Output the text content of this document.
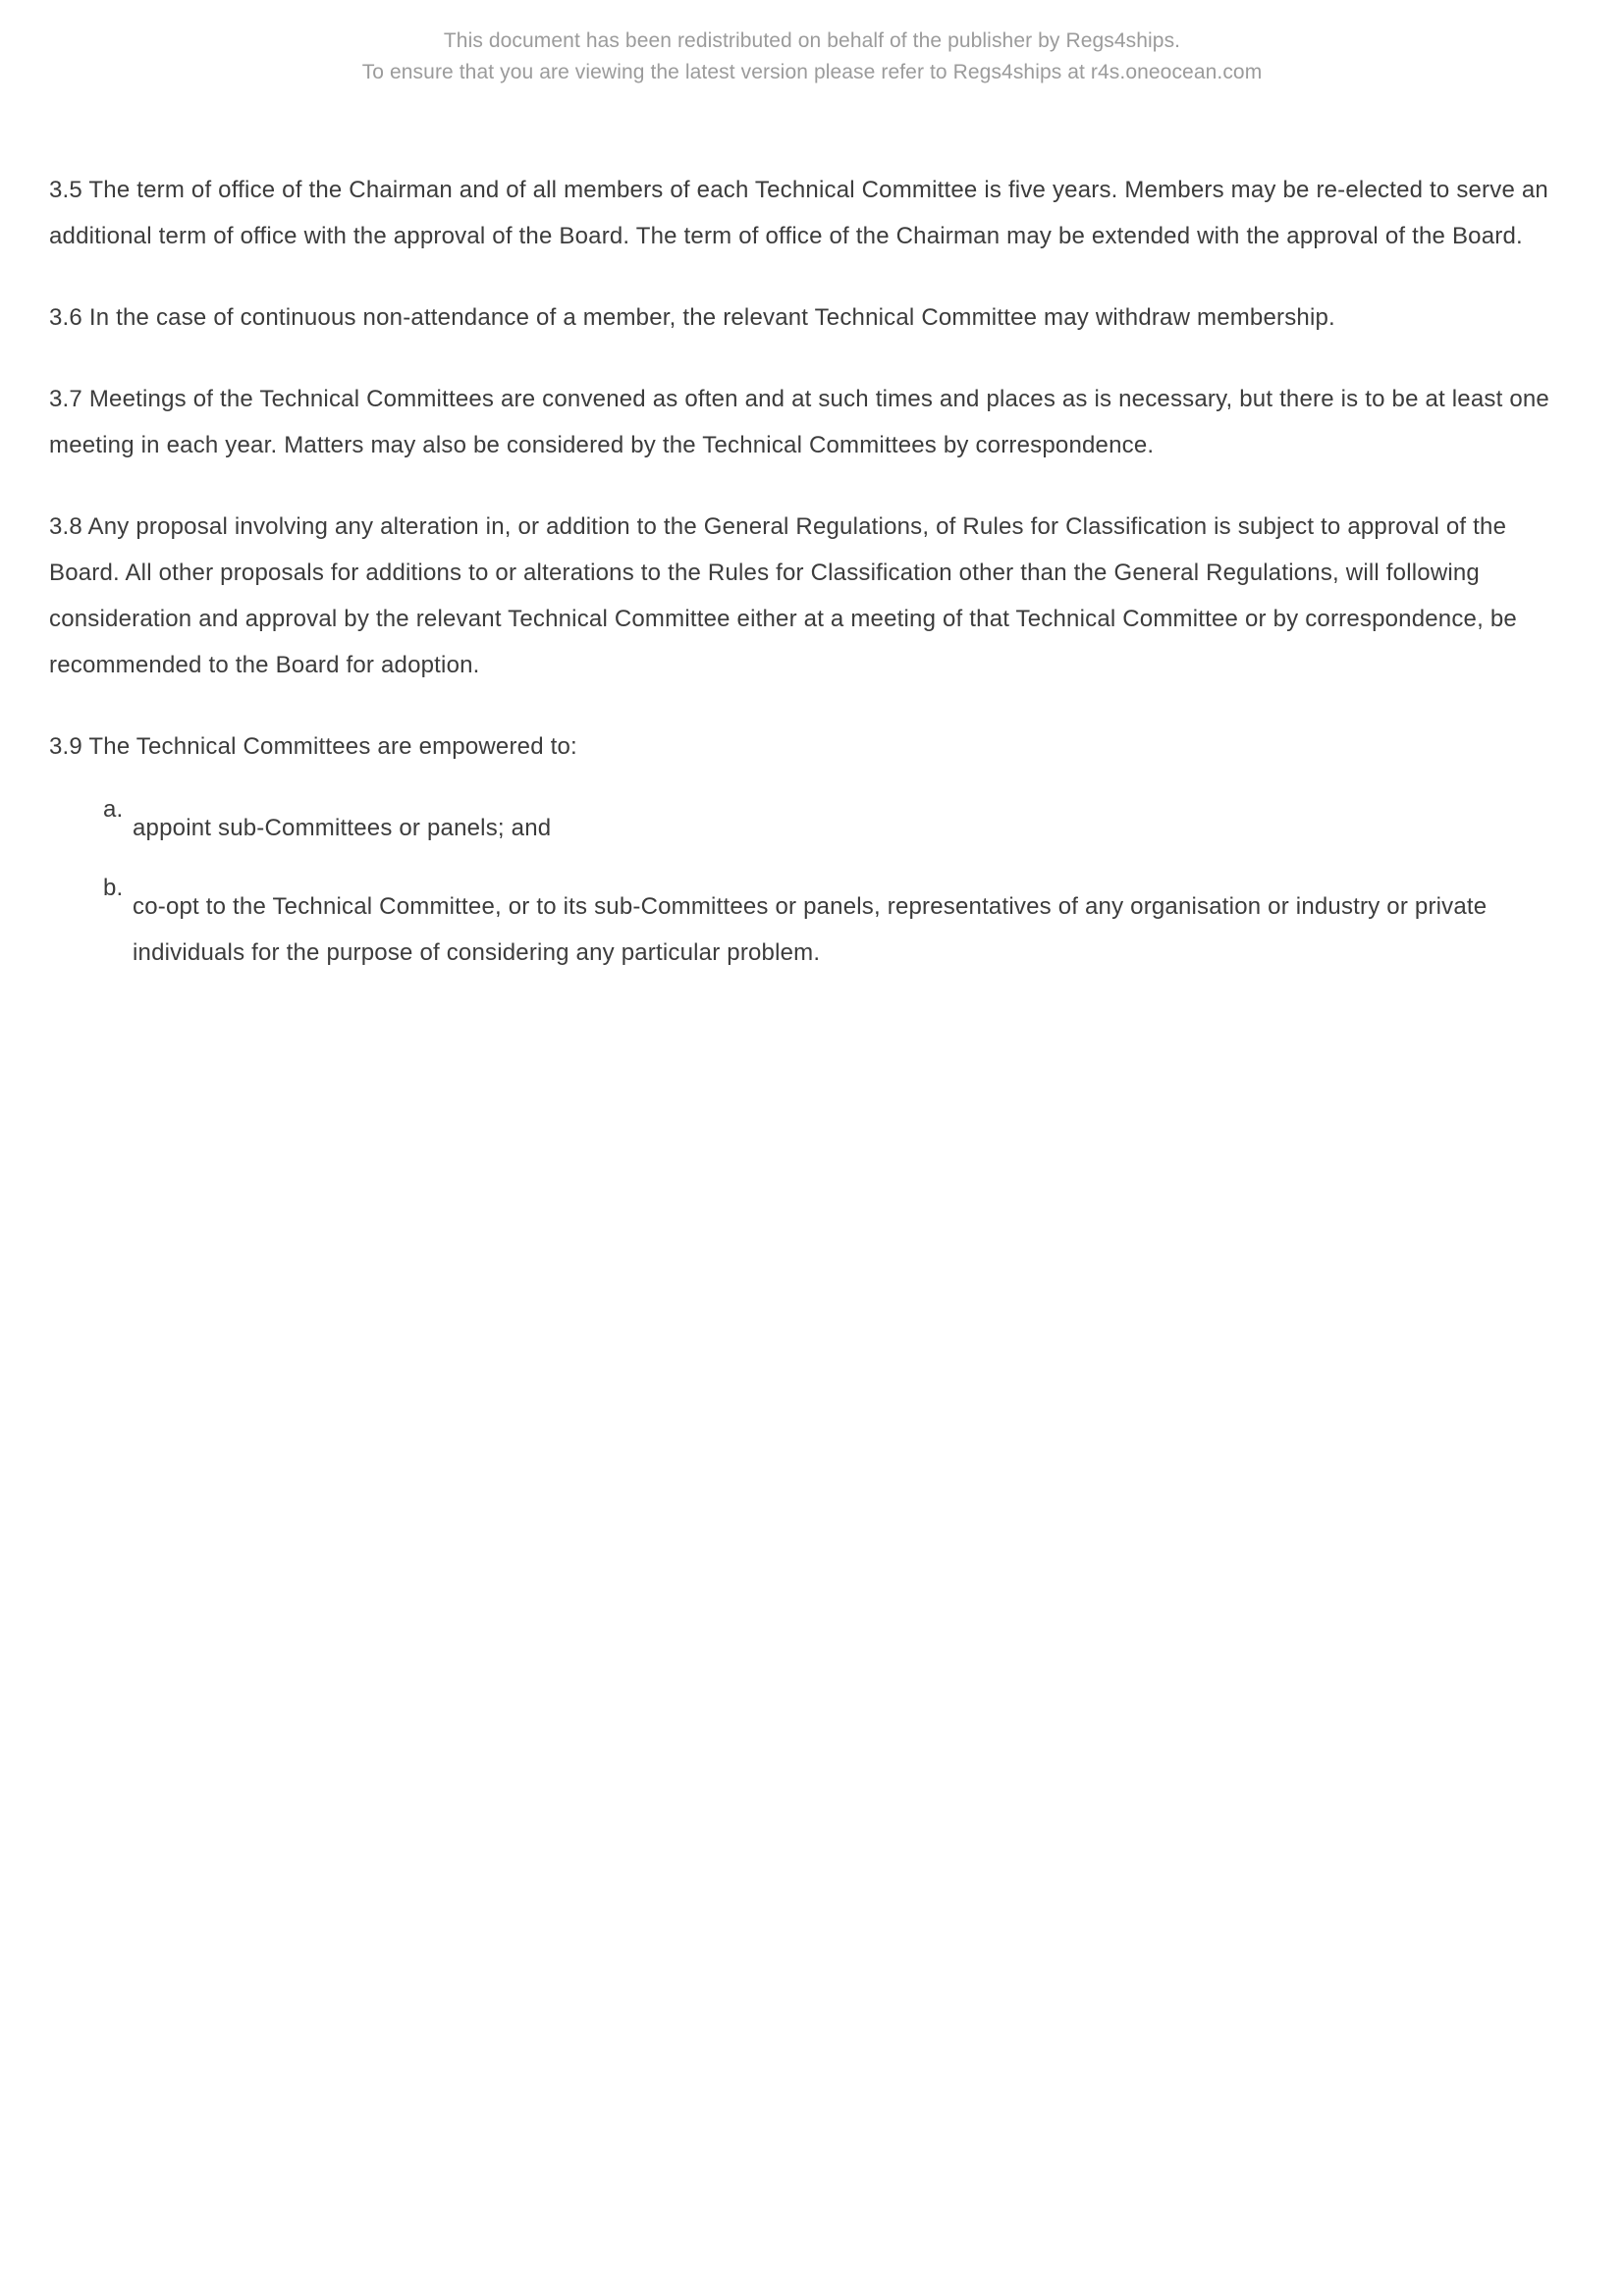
This document has been redistributed on behalf of the publisher by Regs4ships.
To ensure that you are viewing the latest version please refer to Regs4ships at r4s.oneocean.com

3.5 The term of office of the Chairman and of all members of each Technical Committee is five years. Members may be re-elected to serve an additional term of office with the approval of the Board. The term of office of the Chairman may be extended with the approval of the Board.

3.6 In the case of continuous non-attendance of a member, the relevant Technical Committee may withdraw membership.

3.7 Meetings of the Technical Committees are convened as often and at such times and places as is necessary, but there is to be at least one meeting in each year. Matters may also be considered by the Technical Committees by correspondence.

3.8 Any proposal involving any alteration in, or addition to the General Regulations, of Rules for Classification is subject to approval of the Board. All other proposals for additions to or alterations to the Rules for Classification other than the General Regulations, will following consideration and approval by the relevant Technical Committee either at a meeting of that Technical Committee or by correspondence, be recommended to the Board for adoption.

3.9 The Technical Committees are empowered to:

a.
appoint sub-Committees or panels; and
b.
co-opt to the Technical Committee, or to its sub-Committees or panels, representatives of any organisation or industry or private individuals for the purpose of considering any particular problem.
